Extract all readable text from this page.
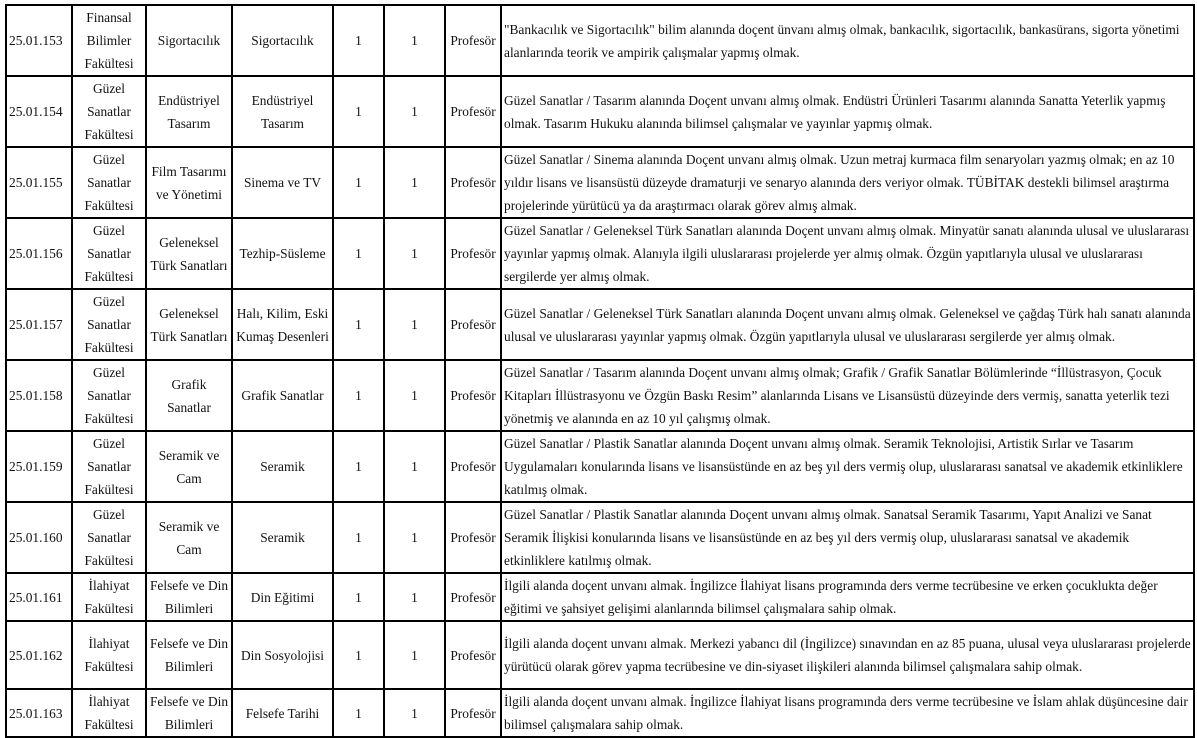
25.01.153	Finansal Bilimler Fakültesi	Sigortacılık	Sigortacılık	1	1	Profesör	"Bankacılık ve Sigortacılık" bilim alanında doçent ünvanı almış olmak, bankacılık, sigortacılık, bankasürans, sigorta yönetimi alanlarında teorik ve ampirik çalışmalar yapmış olmak.
25.01.154	Güzel Sanatlar Fakültesi	Endüstriyel Tasarım	Endüstriyel Tasarım	1	1	Profesör	Güzel Sanatlar / Tasarım alanında Doçent unvanı almış olmak. Endüstri Ürünleri Tasarımı alanında Sanatta Yeterlik yapmış olmak. Tasarım Hukuku alanında bilimsel çalışmalar ve yayınlar yapmış olmak.
25.01.155	Güzel Sanatlar Fakültesi	Film Tasarımı ve Yönetimi	Sinema ve TV	1	1	Profesör	Güzel Sanatlar / Sinema alanında Doçent unvanı almış olmak. Uzun metraj kurmaca film senaryoları yazmış olmak; en az 10 yıldır lisans ve lisansüstü düzeyde dramaturji ve senaryo alanında ders veriyor olmak. TÜBİTAK destekli bilimsel araştırma projelerinde yürütücü ya da araştırmacı olarak görev almış almak.
25.01.156	Güzel Sanatlar Fakültesi	Geleneksel Türk Sanatları	Tezhip-Süsleme	1	1	Profesör	Güzel Sanatlar / Geleneksel Türk Sanatları alanında Doçent unvanı almış olmak. Minyatür sanatı alanında ulusal ve uluslararası yayınlar yapmış olmak. Alanıyla ilgili uluslararası projelerde yer almış olmak. Özgün yapıtlarıyla ulusal ve uluslararası sergilerde yer almış olmak.
25.01.157	Güzel Sanatlar Fakültesi	Geleneksel Türk Sanatları	Halı, Kilim, Eski Kumaş Desenleri	1	1	Profesör	Güzel Sanatlar / Geleneksel Türk Sanatları alanında Doçent unvanı almış olmak. Geleneksel ve çağdaş Türk halı sanatı alanında ulusal ve uluslararası yayınlar yapmış olmak. Özgün yapıtlarıyla ulusal ve uluslararası sergilerde yer almış olmak.
25.01.158	Güzel Sanatlar Fakültesi	Grafik Sanatlar	Grafik Sanatlar	1	1	Profesör	Güzel Sanatlar / Tasarım alanında Doçent unvanı almış olmak; Grafik / Grafik Sanatlar Bölümlerinde “İllüstrasyon, Çocuk Kitapları İllüstrasyonu ve Özgün Baskı Resim” alanlarında Lisans ve Lisansüstü düzeyinde ders vermiş, sanatta yeterlik tezi yönetmiş ve alanında en az 10 yıl çalışmış olmak.
25.01.159	Güzel Sanatlar Fakültesi	Seramik ve Cam	Seramik	1	1	Profesör	Güzel Sanatlar / Plastik Sanatlar alanında Doçent unvanı almış olmak. Seramik Teknolojisi, Artistik Sırlar ve Tasarım Uygulamaları konularında lisans ve lisansüstünde en az beş yıl ders vermiş olup, uluslararası sanatsal ve akademik etkinliklere katılmış olmak.
25.01.160	Güzel Sanatlar Fakültesi	Seramik ve Cam	Seramik	1	1	Profesör	Güzel Sanatlar / Plastik Sanatlar alanında Doçent unvanı almış olmak. Sanatsal Seramik Tasarımı, Yapıt Analizi ve Sanat Seramik İlişkisi konularında lisans ve lisansüstünde en az beş yıl ders vermiş olup, uluslararası sanatsal ve akademik etkinliklere katılmış olmak.
25.01.161	İlahiyat Fakültesi	Felsefe ve Din Bilimleri	Din Eğitimi	1	1	Profesör	İlgili alanda doçent unvanı almak. İngilizce İlahiyat lisans programında ders verme tecrübesine ve erken çocuklukta değer eğitimi ve şahsiyet gelişimi alanlarında bilimsel çalışmalara sahip olmak.
25.01.162	İlahiyat Fakültesi	Felsefe ve Din Bilimleri	Din Sosyolojisi	1	1	Profesör	İlgili alanda doçent unvanı almak. Merkezi yabancı dil (İngilizce) sınavından en az 85 puana, ulusal veya uluslararası projelerde yürütücü olarak görev yapma tecrübesine ve din-siyaset ilişkileri alanında bilimsel çalışmalara sahip olmak.
25.01.163	İlahiyat Fakültesi	Felsefe ve Din Bilimleri	Felsefe Tarihi	1	1	Profesör	İlgili alanda doçent unvanı almak. İngilizce İlahiyat lisans programında ders verme tecrübesine ve İslam ahlak düşüncesine dair bilimsel çalışmalara sahip olmak.
